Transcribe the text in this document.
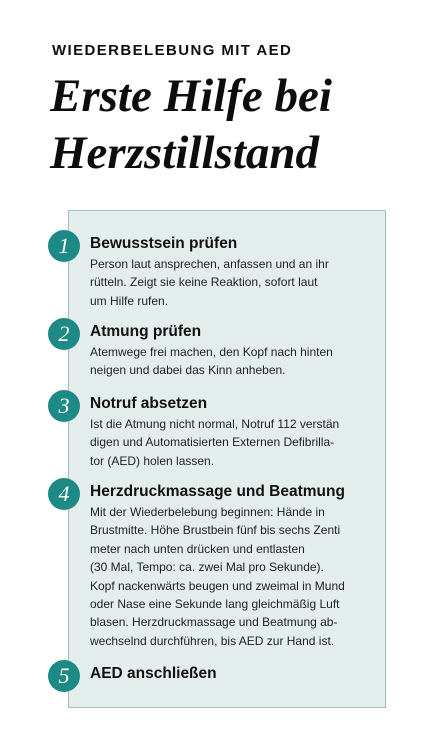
WIEDERBELEBUNG MIT AED
Erste Hilfe bei
Herzstillstand
1	Bewusstsein prüfen
Person laut ansprechen, anfassen und an ihr
rütteln. Zeigt sie keine Reaktion, sofort laut
um Hilfe rufen.
2	Atmung prüfen
Atemwege frei machen, den Kopf nach hinten
neigen und dabei das Kinn anheben.
3	Notruf absetzen
Ist die Atmung nicht normal, Notruf 112 verstän
digen und Automatisierten Externen Defibrilla-
tor (AED) holen lassen.
4	Herzdruckmassage und Beatmung
Mit der Wiederbelebung beginnen: Hände in
Brustmitte. Höhe Brustbein fünf bis sechs Zenti
meter nach unten drücken und entlasten
(30 Mal, Tempo: ca. zwei Mal pro Sekunde).
Kopf nackenwärts beugen und zweimal in Mund
oder Nase eine Sekunde lang gleichmäßig Luft
blasen. Herzdruckmassage und Beatmung ab-
wechselnd durchführen, bis AED zur Hand ist.
5	AED anschließen
